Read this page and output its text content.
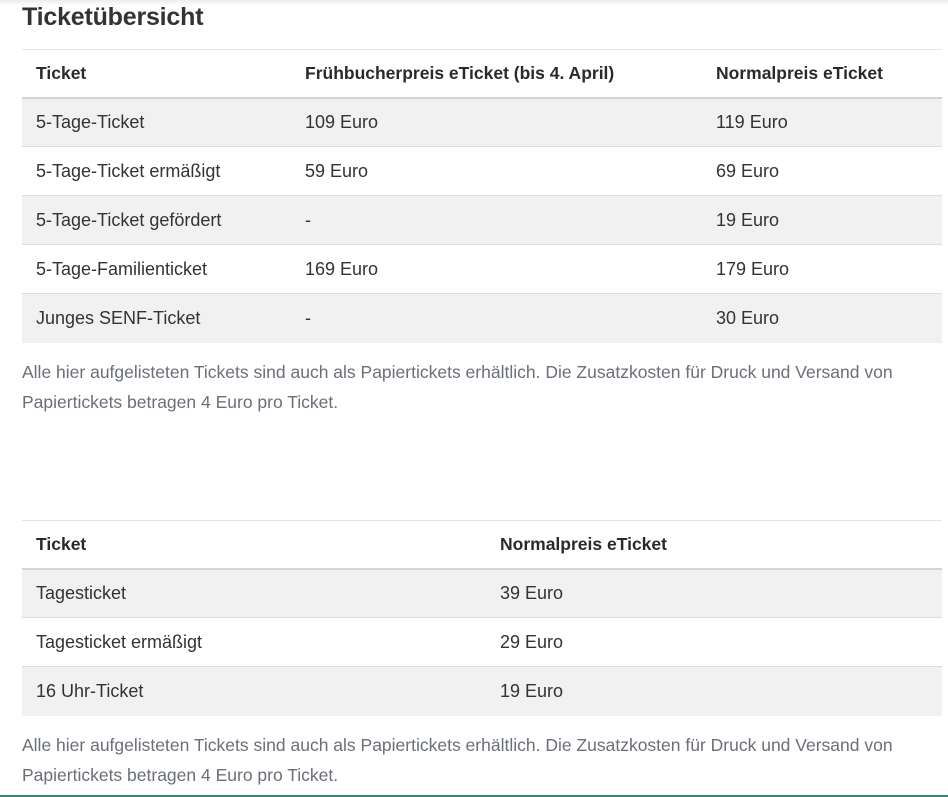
Ticketübersicht
Ticket	Frühbucherpreis eTicket (bis 4. April)	Normalpreis eTicket
5-Tage-Ticket	109 Euro	119 Euro
5-Tage-Ticket ermäßigt	59 Euro	69 Euro
5-Tage-Ticket gefördert	-	19 Euro
5-Tage-Familienticket	169 Euro	179 Euro
Junges SENF-Ticket	-	30 Euro

Alle hier aufgelisteten Tickets sind auch als Papiertickets erhältlich. Die Zusatzkosten für Druck und Versand von Papiertickets betragen 4 Euro pro Ticket.

Ticket	Normalpreis eTicket
Tagesticket	39 Euro
Tagesticket ermäßigt	29 Euro
16 Uhr-Ticket	19 Euro

Alle hier aufgelisteten Tickets sind auch als Papiertickets erhältlich. Die Zusatzkosten für Druck und Versand von Papiertickets betragen 4 Euro pro Ticket.
